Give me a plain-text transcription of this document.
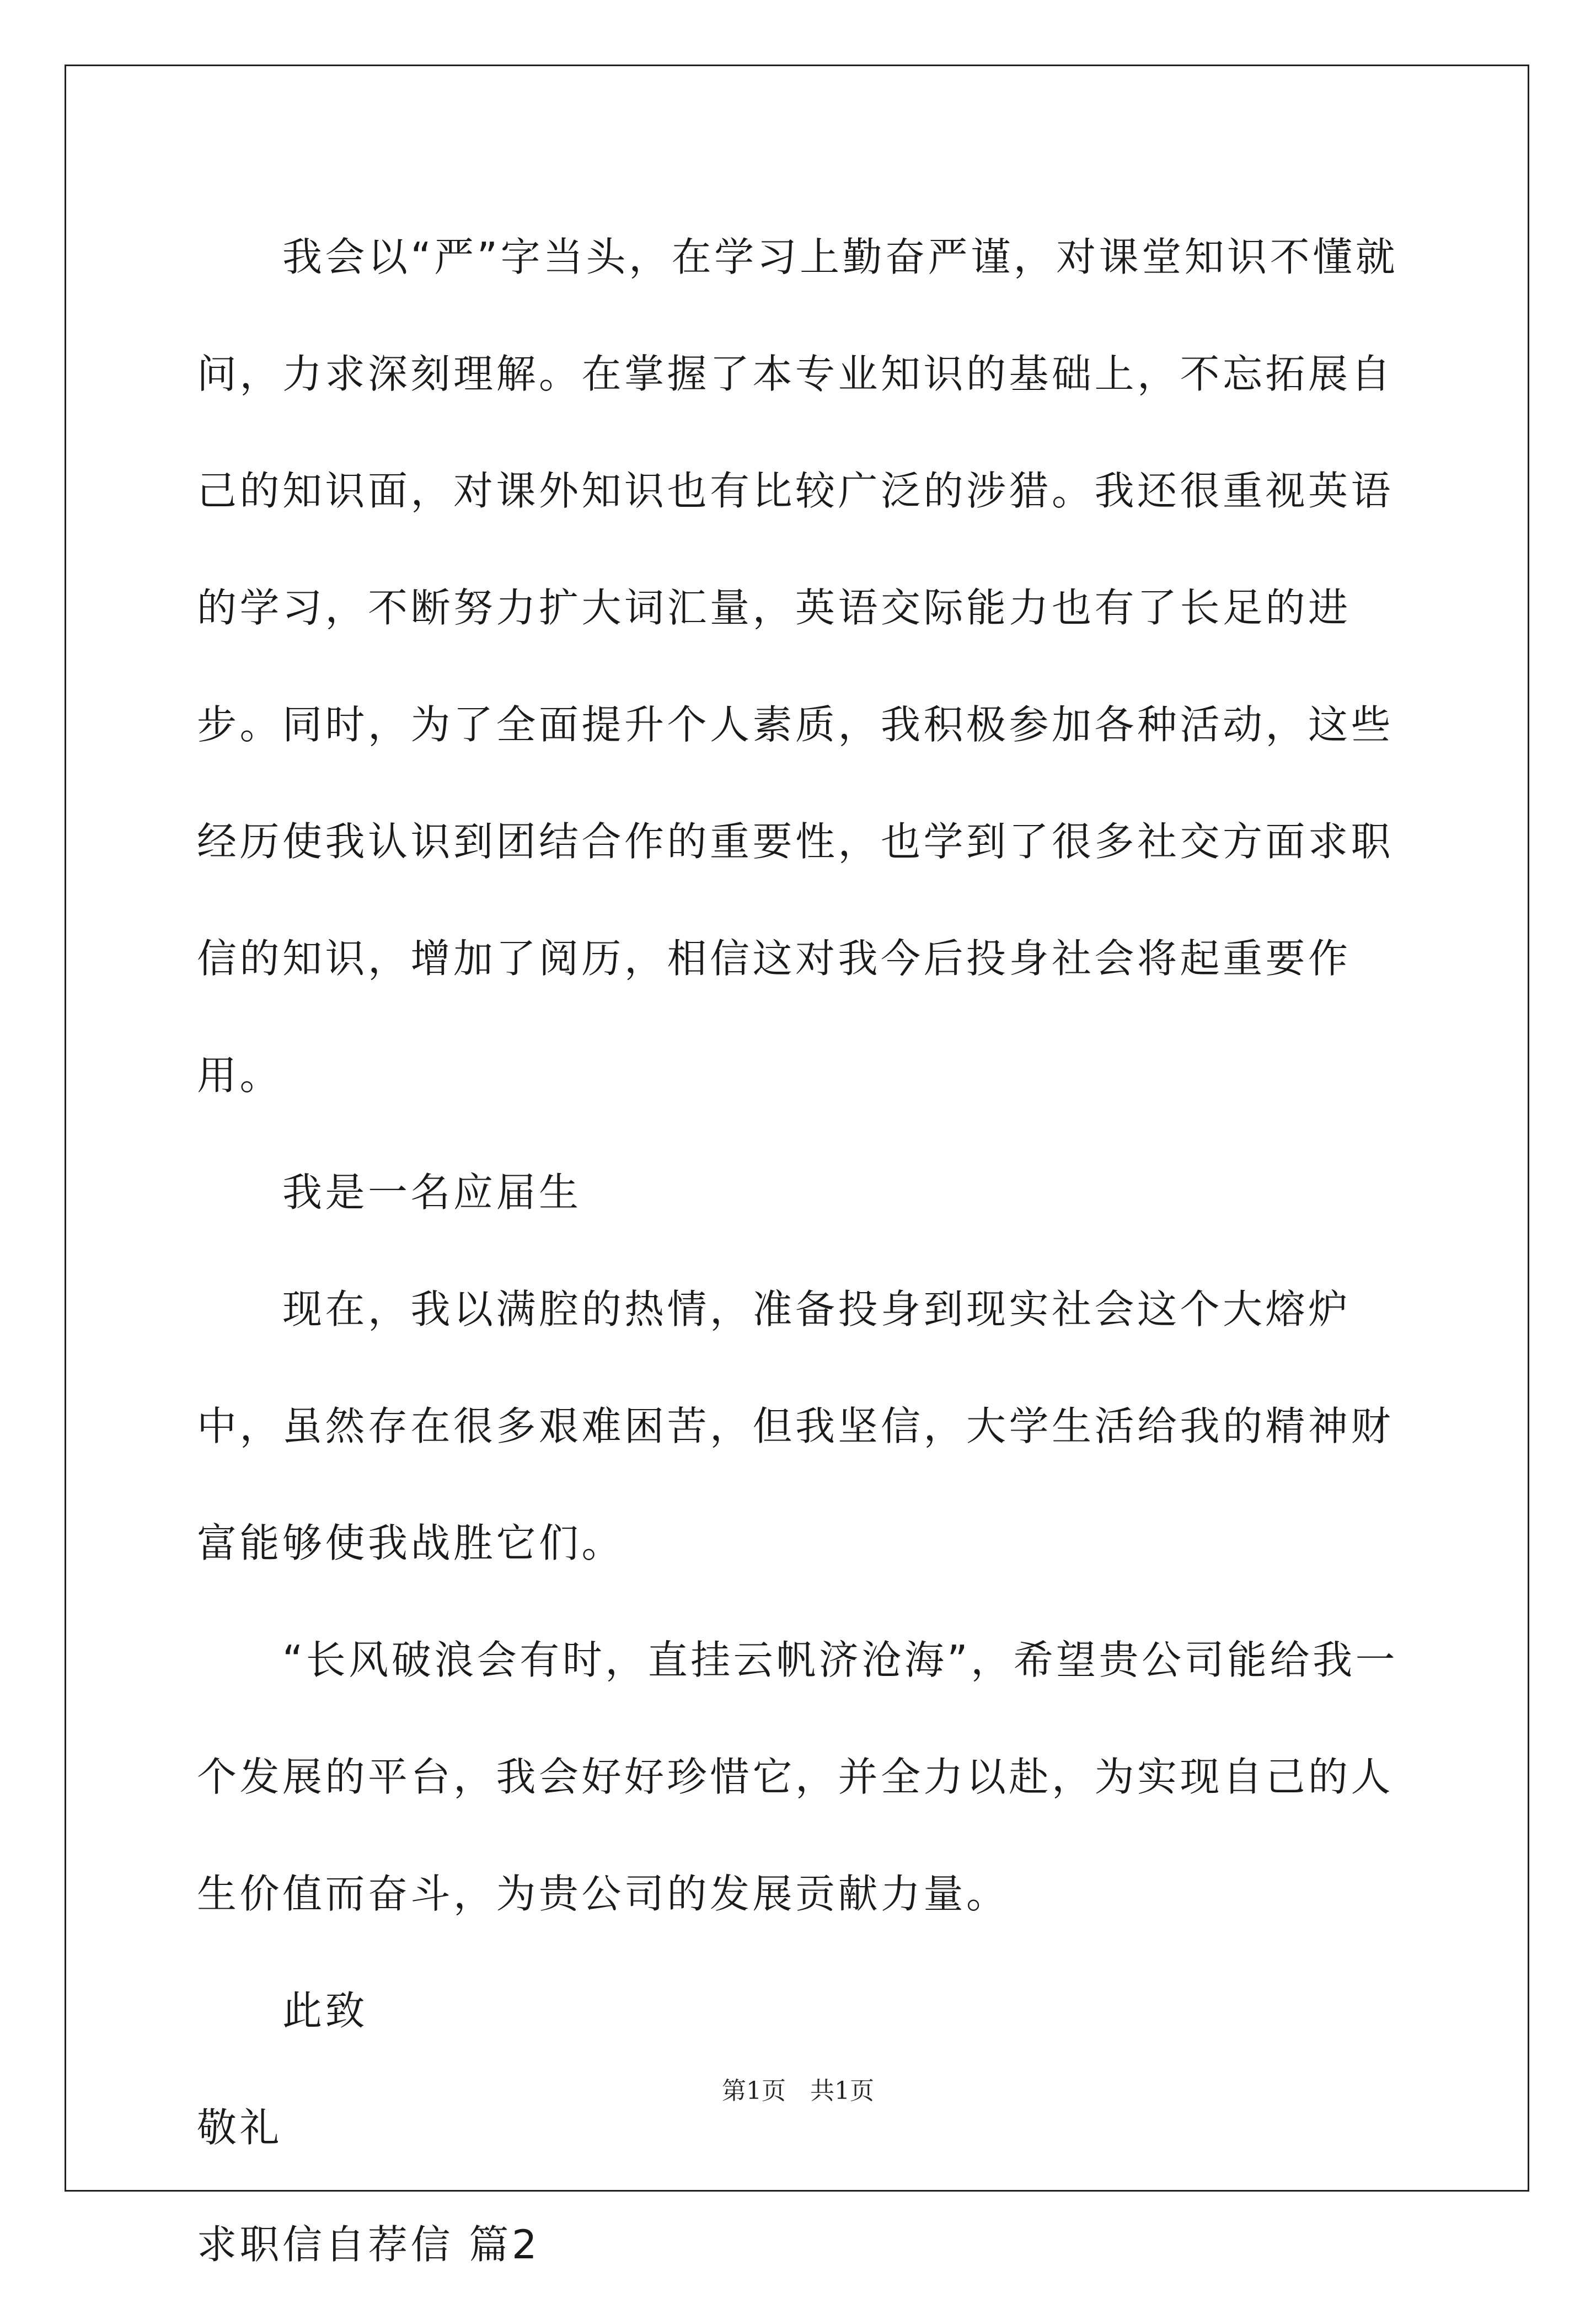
我会以“严”字当头，在学习上勤奋严谨，对课堂知识不懂就问，力求深刻理解。在掌握了本专业知识的基础上，不忘拓展自己的知识面，对课外知识也有比较广泛的涉猎。我还很重视英语的学习，不断努力扩大词汇量，英语交际能力也有了长足的进步。同时，为了全面提升个人素质，我积极参加各种活动，这些经历使我认识到团结合作的重要性，也学到了很多社交方面求职信的知识，增加了阅历，相信这对我今后投身社会将起重要作用。

我是一名应届生

现在，我以满腔的热情，准备投身到现实社会这个大熔炉中，虽然存在很多艰难困苦，但我坚信，大学生活给我的精神财富能够使我战胜它们。

“长风破浪会有时，直挂云帆济沧海”，希望贵公司能给我一个发展的平台，我会好好珍惜它，并全力以赴，为实现自己的人生价值而奋斗，为贵公司的发展贡献力量。

此致

敬礼

求职信自荐信 篇2

第1页　共1页
